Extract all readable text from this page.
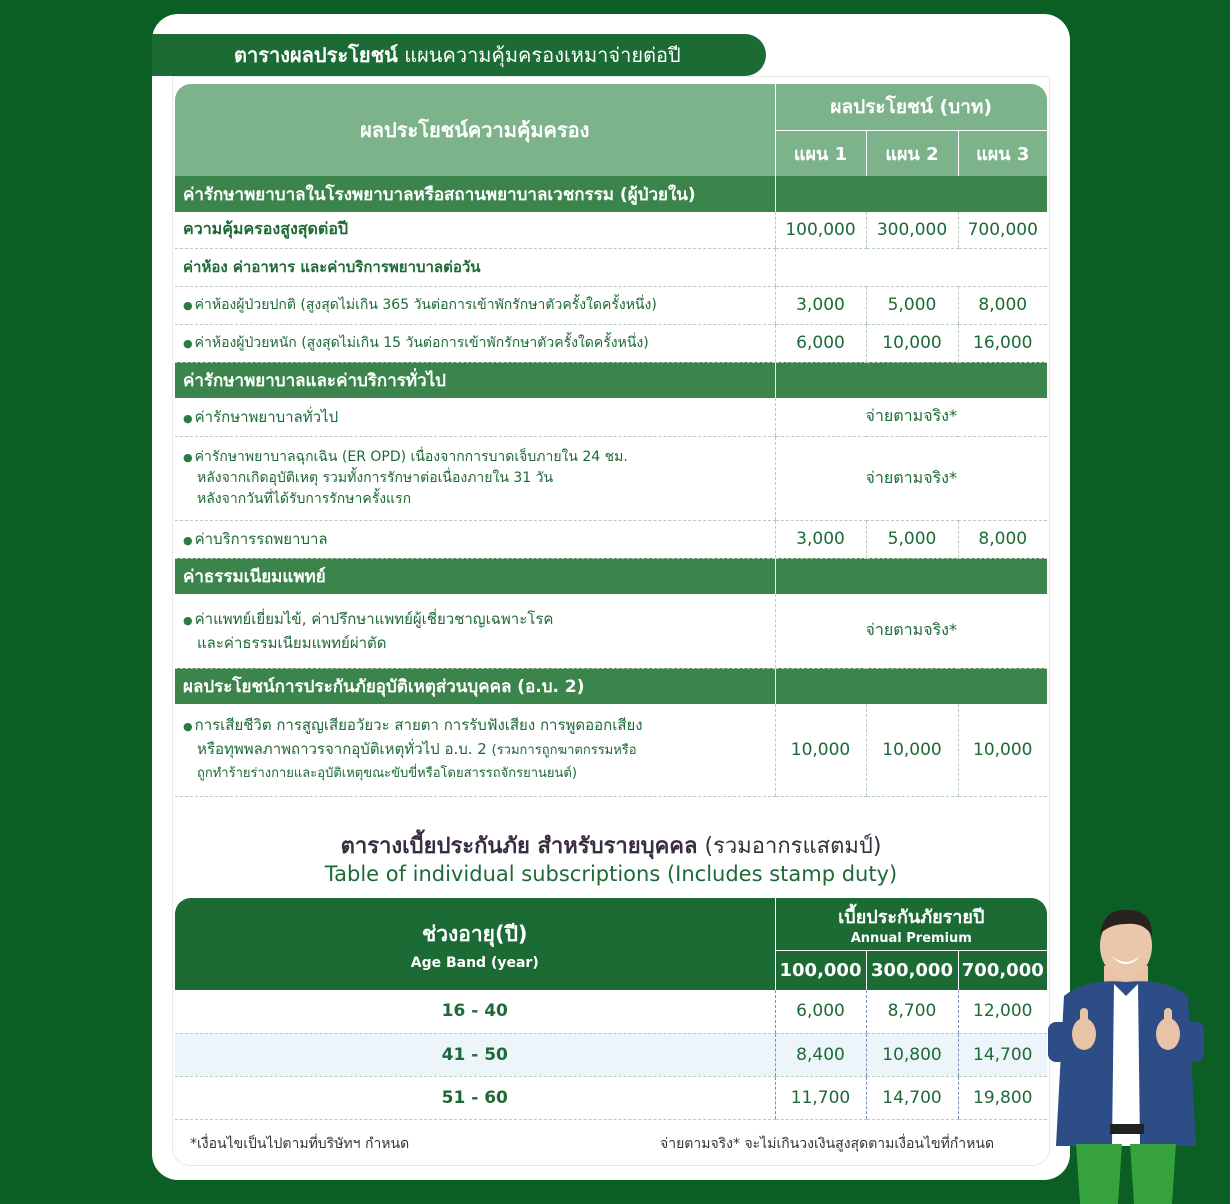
ตารางผลประโยชน์ แผนความคุ้มครองเหมาจ่ายต่อปี
ผลประโยชน์ความคุ้มครอง	ผลประโยชน์ (บาท)		
	แผน 1	แผน 2	แผน 3
ค่ารักษาพยาบาลในโรงพยาบาลหรือสถานพยาบาลเวชกรรม (ผู้ป่วยใน)			
ความคุ้มครองสูงสุดต่อปี	100,000	300,000	700,000
ค่าห้อง ค่าอาหาร และค่าบริการพยาบาลต่อวัน			
● ค่าห้องผู้ป่วยปกติ (สูงสุดไม่เกิน 365 วันต่อการเข้าพักรักษาตัวครั้งใดครั้งหนึ่ง)	3,000	5,000	8,000
● ค่าห้องผู้ป่วยหนัก (สูงสุดไม่เกิน 15 วันต่อการเข้าพักรักษาตัวครั้งใดครั้งหนึ่ง)	6,000	10,000	16,000
ค่ารักษาพยาบาลและค่าบริการทั่วไป			
● ค่ารักษาพยาบาลทั่วไป	จ่ายตามจริง*		
● ค่ารักษาพยาบาลฉุกเฉิน (ER OPD) เนื่องจากการบาดเจ็บภายใน 24 ชม.
หลังจากเกิดอุบัติเหตุ รวมทั้งการรักษาต่อเนื่องภายใน 31 วัน
หลังจากวันที่ได้รับการรักษาครั้งแรก	จ่ายตามจริง*		
● ค่าบริการรถพยาบาล	3,000	5,000	8,000
ค่าธรรมเนียมแพทย์			
● ค่าแพทย์เยี่ยมไข้, ค่าปรึกษาแพทย์ผู้เชี่ยวชาญเฉพาะโรค
และค่าธรรมเนียมแพทย์ผ่าตัด	จ่ายตามจริง*		
ผลประโยชน์การประกันภัยอุบัติเหตุส่วนบุคคล (อ.บ. 2)			
● การเสียชีวิต การสูญเสียอวัยวะ สายตา การรับฟังเสียง การพูดออกเสียง
หรือทุพพลภาพถาวรจากอุบัติเหตุทั่วไป อ.บ. 2 (รวมการถูกฆาตกรรมหรือ
ถูกทำร้ายร่างกายและอุบัติเหตุขณะขับขี่หรือโดยสารรถจักรยานยนต์)	10,000	10,000	10,000
ตารางเบี้ยประกันภัย สำหรับรายบุคคล (รวมอากรแสตมป์)
Table of individual subscriptions (Includes stamp duty)
ช่วงอายุ(ปี)
Age Band (year)	เบี้ยประกันภัยรายปี
Annual Premium		

	100,000	300,000	700,000
16 - 40	6,000	8,700	12,000
41 - 50	8,400	10,800	14,700
51 - 60	11,700	14,700	19,800
*เงื่อนไขเป็นไปตามที่บริษัทฯ กำหนด	จ่ายตามจริง* จะไม่เกินวงเงินสูงสุดตามเงื่อนไขที่กำหนด
